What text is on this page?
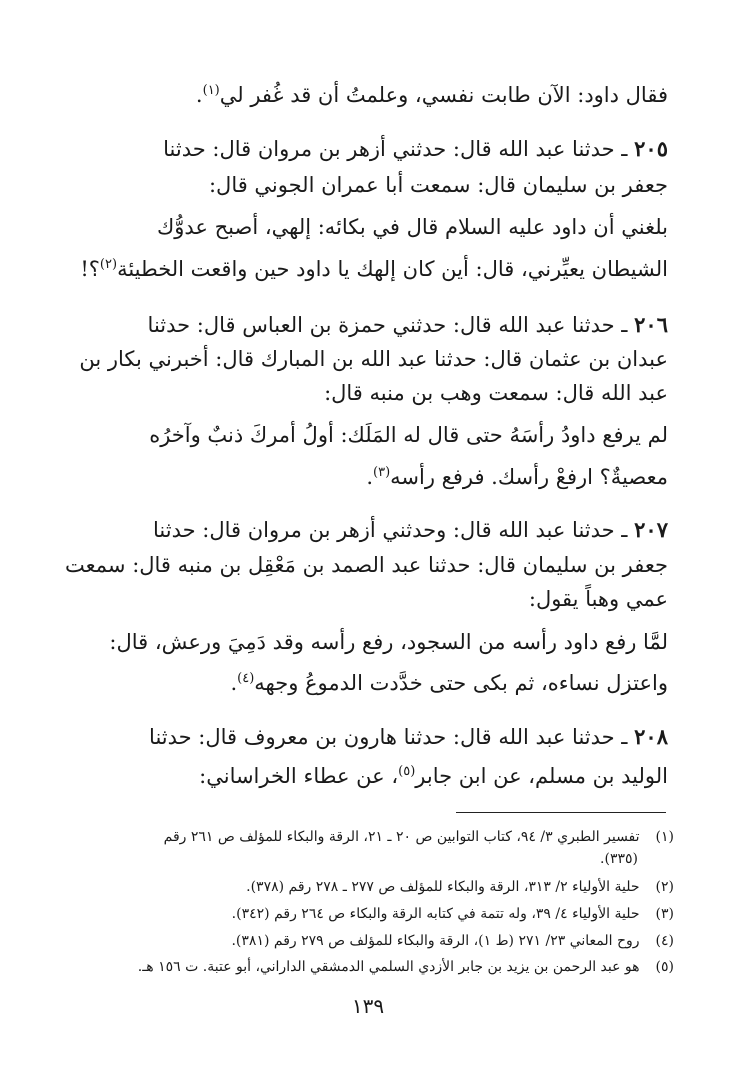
فقال داود: الآن طابت نفسي، وعلمتُ أن قد غُفر لي$^{(١)}$.
٢٠٥ ـ حدثنا عبد الله قال: حدثني أزهر بن مروان قال: حدثنا
جعفر بن سليمان قال: سمعت أبا عمران الجوني قال:
بلغني أن داود عليه السلام قال في بكائه: إلهي، أصبح عدوُّك
الشيطان يعيِّرني، قال: أين كان إلهك يا داود حين واقعت الخطيئة$^{(٢)}$؟!
٢٠٦ ـ حدثنا عبد الله قال: حدثني حمزة بن العباس قال: حدثنا
عبدان بن عثمان قال: حدثنا عبد الله بن المبارك قال: أخبرني بكار بن
عبد الله قال: سمعت وهب بن منبه قال:
لم يرفع داودُ رأسَهُ حتى قال له المَلَك: أولُ أمركَ ذنبٌ وآخرُه
معصيةٌ؟ ارفعْ رأسك. فرفع رأسه$^{(٣)}$.
٢٠٧ ـ حدثنا عبد الله قال: وحدثني أزهر بن مروان قال: حدثنا
جعفر بن سليمان قال: حدثنا عبد الصمد بن مَعْقِل بن منبه قال: سمعت
عمي وهباً يقول:
لمَّا رفع داود رأسه من السجود، رفع رأسه وقد دَمِيَ ورعش، قال:
واعتزل نساءه، ثم بكى حتى خدَّدت الدموعُ وجهه$^{(٤)}$.
٢٠٨ ـ حدثنا عبد الله قال: حدثنا هارون بن معروف قال: حدثنا
الوليد بن مسلم، عن ابن جابر$^{(٥)}$، عن عطاء الخراساني:
(١) تفسير الطبري ٣/ ٩٤، كتاب التوابين ص ٢٠ ـ ٢١، الرقة والبكاء للمؤلف ص ٢٦١ رقم
(٣٣٥).
(٢) حلية الأولياء ٢/ ٣١٣، الرقة والبكاء للمؤلف ص ٢٧٧ ـ ٢٧٨ رقم (٣٧٨).
(٣) حلية الأولياء ٤/ ٣٩، وله تتمة في كتابه الرقة والبكاء ص ٢٦٤ رقم (٣٤٢).
(٤) روح المعاني ٢٣/ ٢٧١ (ط ١)، الرقة والبكاء للمؤلف ص ٢٧٩ رقم (٣٨١).
(٥) هو عبد الرحمن بن يزيد بن جابر الأزدي السلمي الدمشقي الداراني، أبو عتبة. ت ١٥٦ هـ.
١٣٩
